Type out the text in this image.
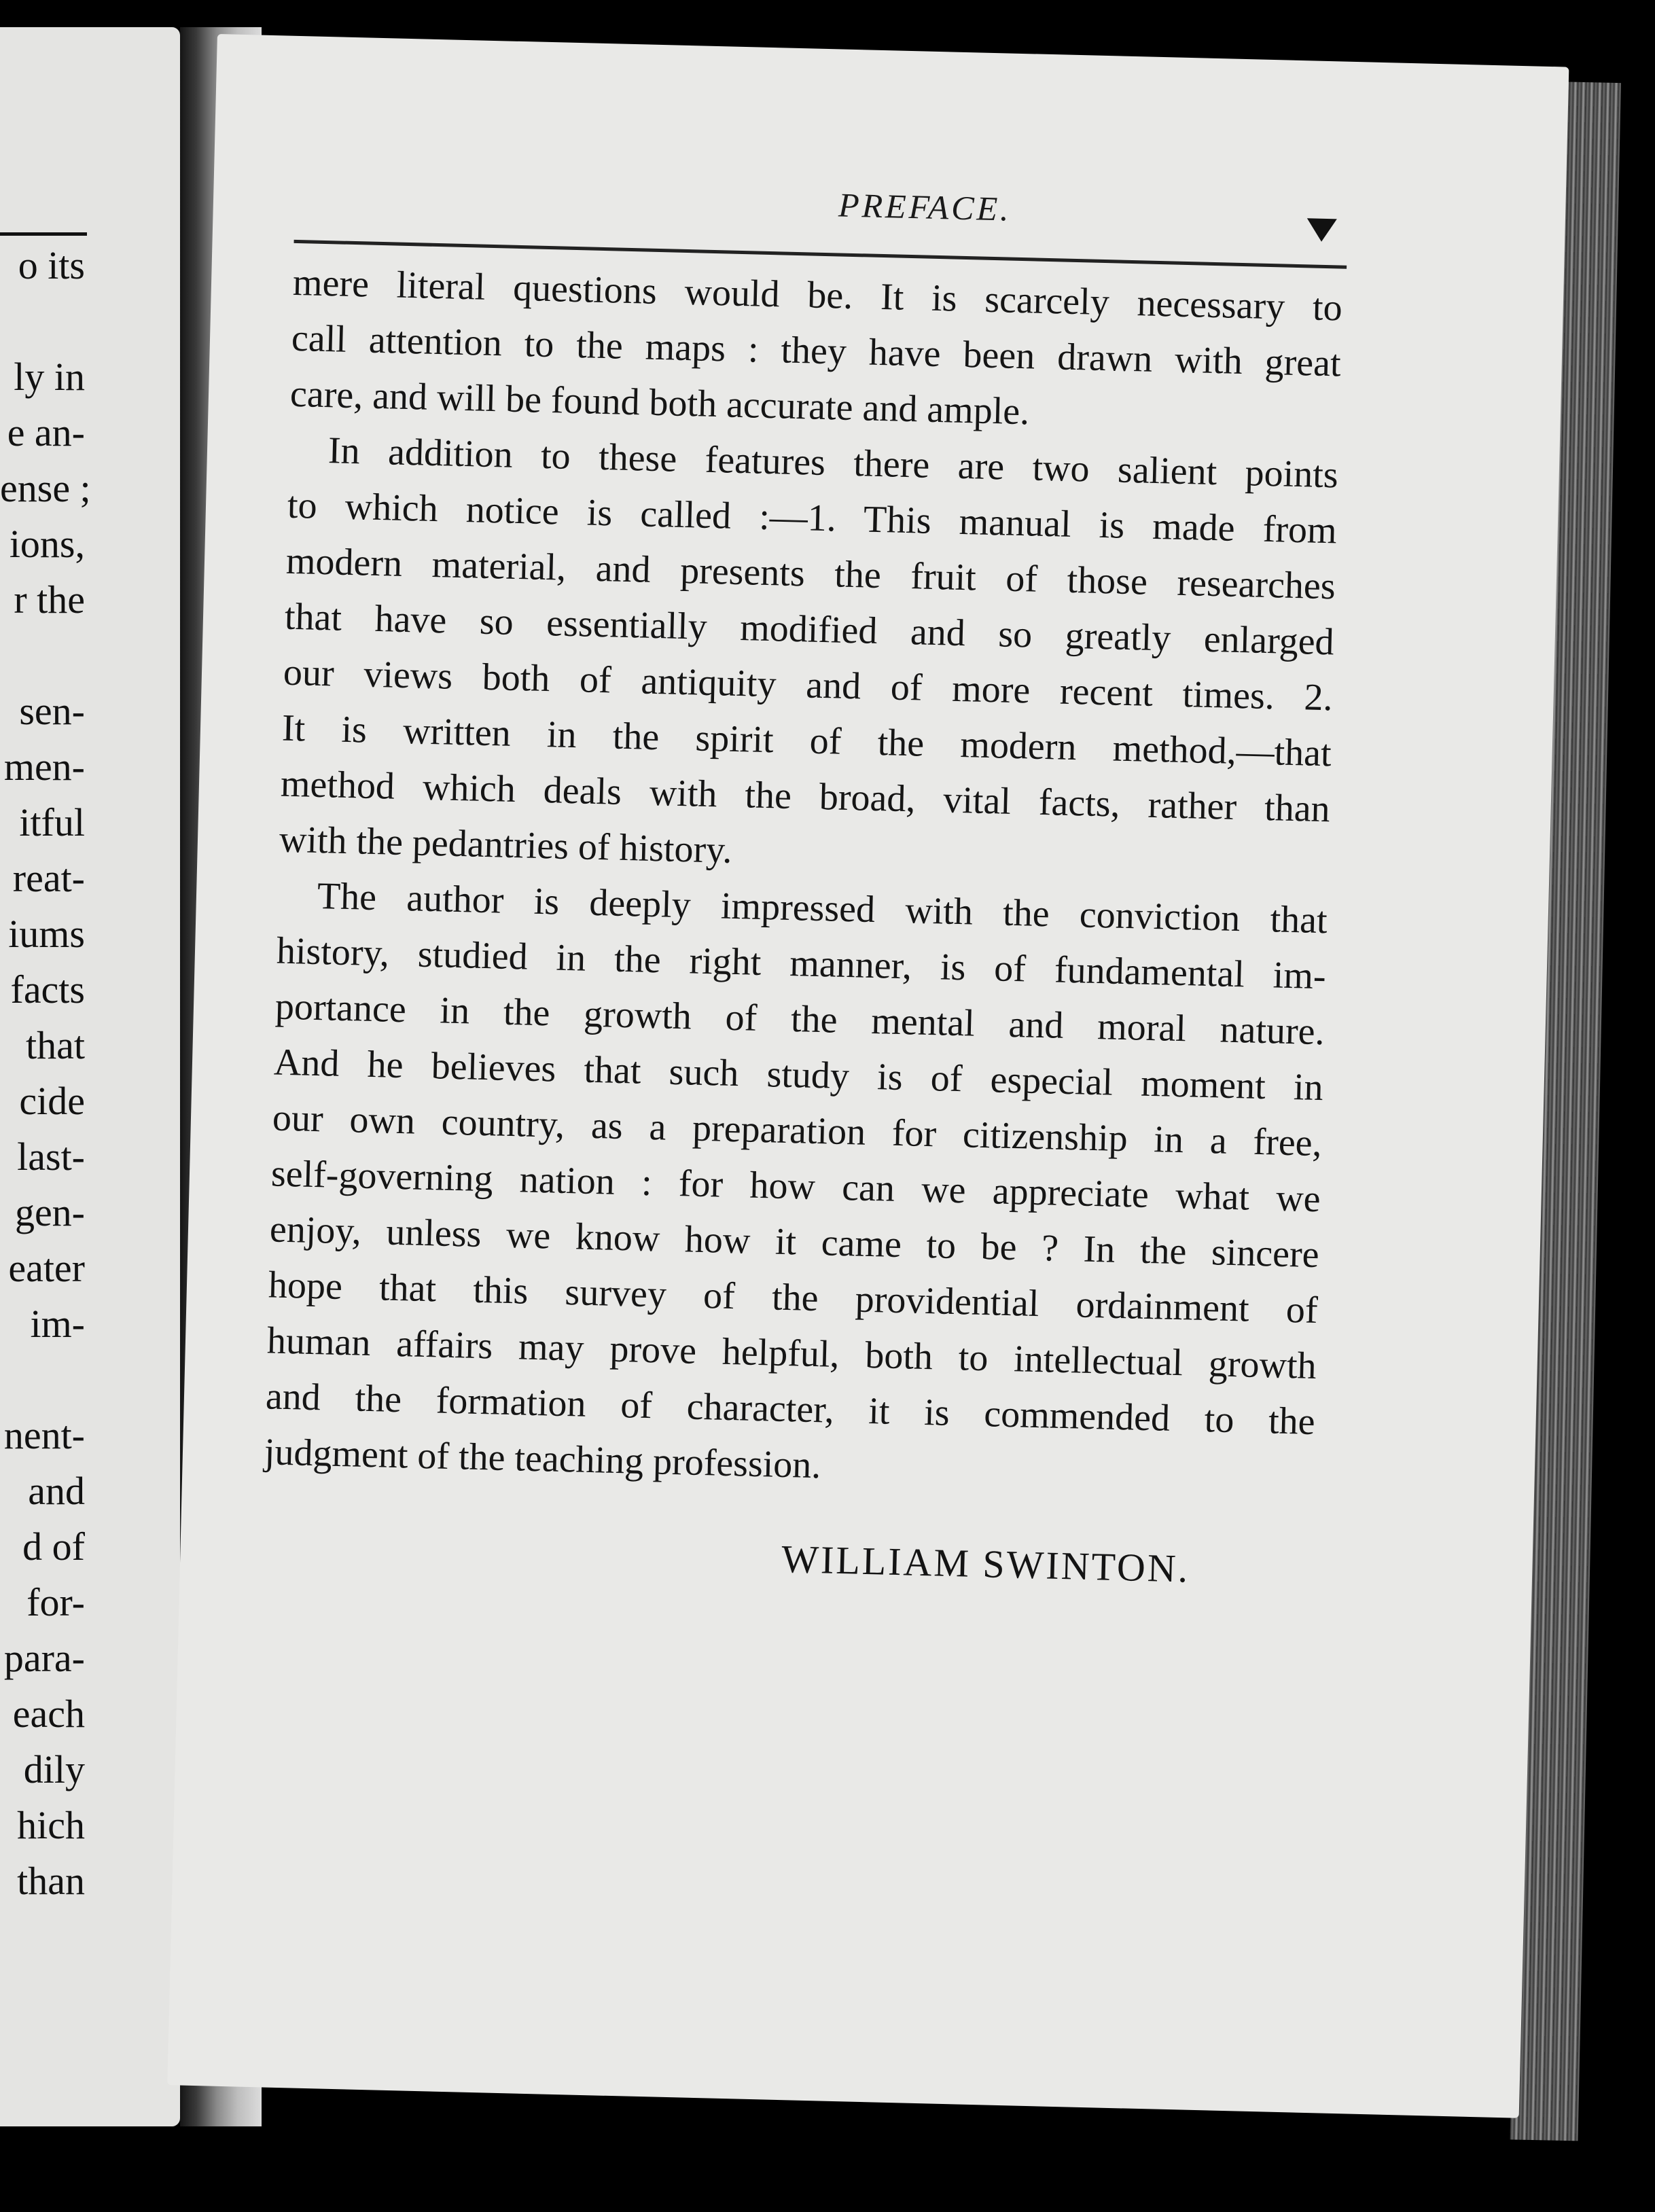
o its
ly in
e an-
ense ;
ions,
r the
sen-
men-
itful
reat-
iums
facts
that
cide
last-
gen-
eater
im-
nent-
and
d of
for-
para-
each
dily
hich
than
PREFACE.

mere literal questions would be. It is scarcely necessary to

call attention to the maps : they have been drawn with great

care, and will be found both accurate and ample.

In addition to these features there are two salient points

to which notice is called :—1. This manual is made from

modern material, and presents the fruit of those researches

that have so essentially modified and so greatly enlarged

our views both of antiquity and of more recent times. 2.

It is written in the spirit of the modern method,—that

method which deals with the broad, vital facts, rather than

with the pedantries of history.

The author is deeply impressed with the conviction that

history, studied in the right manner, is of fundamental im-

portance in the growth of the mental and moral nature.

And he believes that such study is of especial moment in

our own country, as a preparation for citizenship in a free,

self-governing nation : for how can we appreciate what we

enjoy, unless we know how it came to be ? In the sincere

hope that this survey of the providential ordainment of

human affairs may prove helpful, both to intellectual growth

and the formation of character, it is commended to the

judgment of the teaching profession.

WILLIAM SWINTON.
